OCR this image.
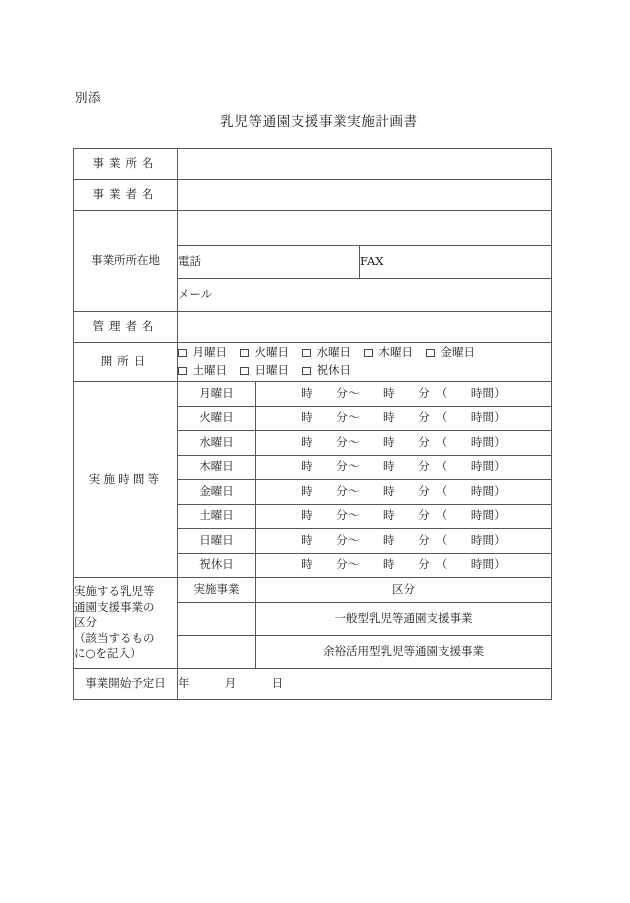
別添
乳児等通園支援事業実施計画書
事業所名			
事業者名			
事業所所在地			
	電話		FAX
	メール		
管理者名			
開所日	
月曜日 火曜日 水曜日 木曜日 金曜日
土曜日 日曜日 祝休日

実施時間等	月曜日	時　　分〜　　時　　分　（　　時間）	
	火曜日	時　　分〜　　時　　分　（　　時間）	
	水曜日	時　　分〜　　時　　分　（　　時間）	
	木曜日	時　　分〜　　時　　分　（　　時間）	
	金曜日	時　　分〜　　時　　分　（　　時間）	
	土曜日	時　　分〜　　時　　分　（　　時間）	
	日曜日	時　　分〜　　時　　分　（　　時間）	
	祝休日	時　　分〜　　時　　分　（　　時間）	

実施する乳児等
通園支援事業の
区分
（該当するもの
に○を記入）	実施事業	区分	
		一般型乳児等通園支援事業	
		余裕活用型乳児等通園支援事業	
事業開始予定日	年　　　月　　　日		
